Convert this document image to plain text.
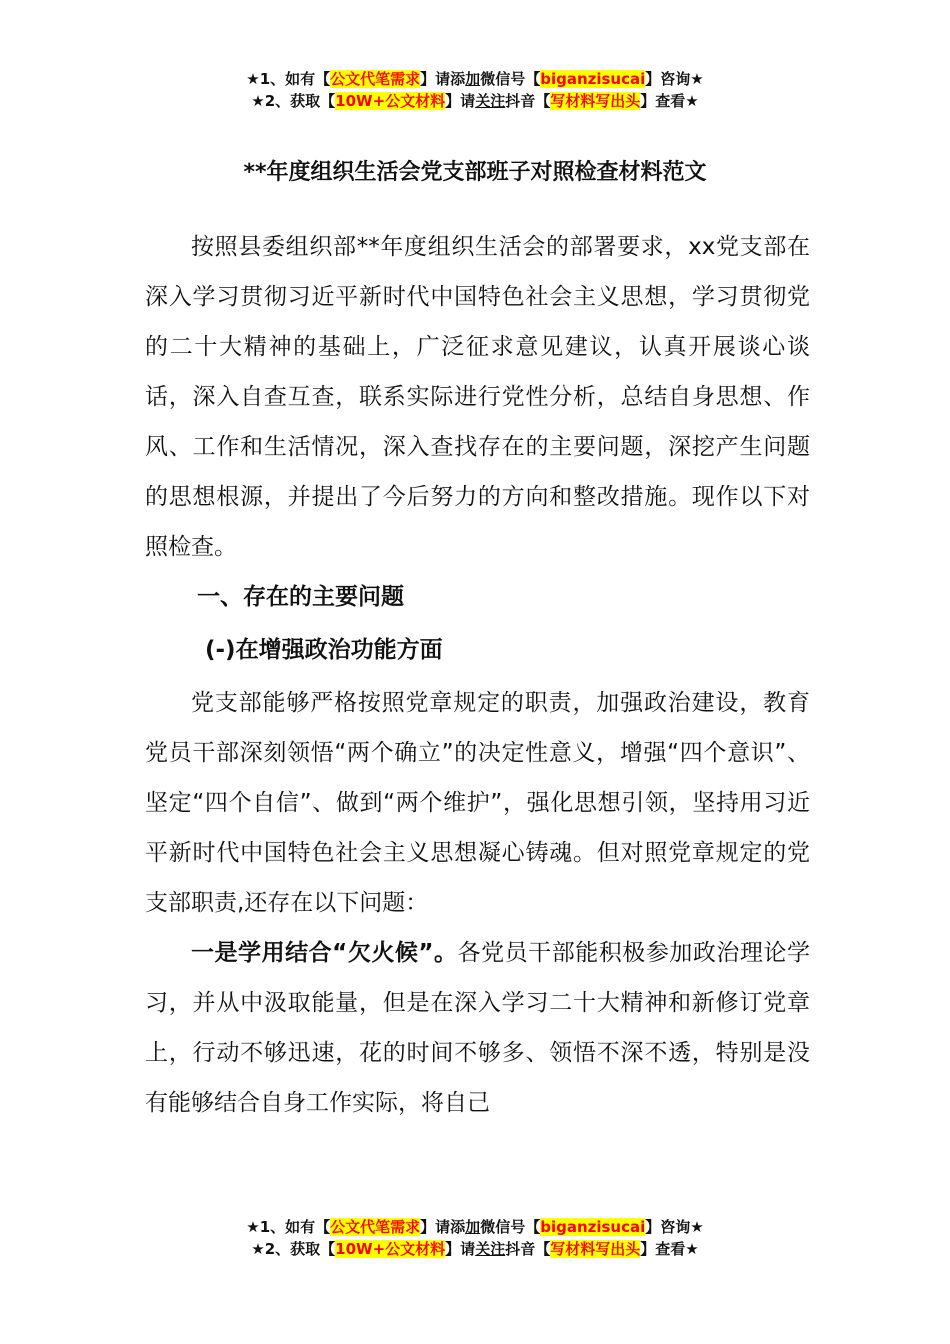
★1、如有【公文代笔需求】请添加微信号【biganzisucai】咨询★
★2、获取【10W+公文材料】请关注抖音【写材料写出头】查看★
**年度组织生活会党支部班子对照检查材料范文

按照县委组织部**年度组织生活会的部署要求，xx党支部在深入学习贯彻习近平新时代中国特色社会主义思想，学习贯彻党的二十大精神的基础上，广泛征求意见建议，认真开展谈心谈话，深入自查互查，联系实际进行党性分析，总结自身思想、作风、工作和生活情况，深入查找存在的主要问题，深挖产生问题的思想根源，并提出了今后努力的方向和整改措施。现作以下对照检查。

一、存在的主要问题

(-)在增强政治功能方面

党支部能够严格按照党章规定的职责，加强政治建设，教育党员干部深刻领悟“两个确立”的决定性意义，增强“四个意识”、坚定“四个自信”、做到“两个维护”，强化思想引领，坚持用习近平新时代中国特色社会主义思想凝心铸魂。但对照党章规定的党支部职责,还存在以下问题：

一是学用结合“欠火候”。各党员干部能积极参加政治理论学习，并从中汲取能量，但是在深入学习二十大精神和新修订党章上，行动不够迅速，花的时间不够多、领悟不深不透，特别是没有能够结合自身工作实际，将自己

★1、如有【公文代笔需求】请添加微信号【biganzisucai】咨询★
★2、获取【10W+公文材料】请关注抖音【写材料写出头】查看★
